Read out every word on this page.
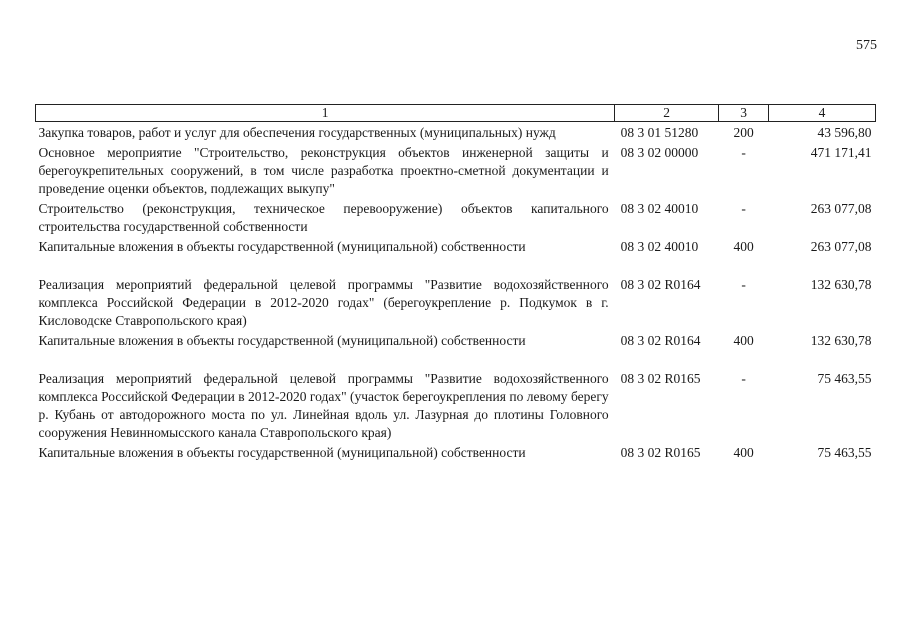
575
1	2	3	4
Закупка товаров, работ и услуг для обеспечения государственных (муниципальных) нужд	08 3 01 51280	200	43 596,80
Основное мероприятие "Строительство, реконструкция объектов инженерной защиты и берегоукрепительных сооружений, в том числе разработка проектно-сметной документации и проведение оценки объектов, подлежащих выкупу"	08 3 02 00000	-	471 171,41
Строительство (реконструкция, техническое перевооружение) объектов капитального строительства государственной собственности	08 3 02 40010	-	263 077,08
Капитальные вложения в объекты государственной (муниципальной) собственности	08 3 02 40010	400	263 077,08
Реализация мероприятий федеральной целевой программы "Развитие водохозяйственного комплекса Российской Федерации в 2012-2020 годах" (берегоукрепление р. Подкумок в г. Кисловодске Ставропольского края)	08 3 02 R0164	-	132 630,78
Капитальные вложения в объекты государственной (муниципальной) собственности	08 3 02 R0164	400	132 630,78
Реализация мероприятий федеральной целевой программы "Развитие водохозяйственного комплекса Российской Федерации в 2012-2020 годах" (участок берегоукрепления по левому берегу р. Кубань от автодорожного моста по ул. Линейная вдоль ул. Лазурная до плотины Головного сооружения Невинномысского канала Ставропольского края)	08 3 02 R0165	-	75 463,55
Капитальные вложения в объекты государственной (муниципальной) собственности	08 3 02 R0165	400	75 463,55
